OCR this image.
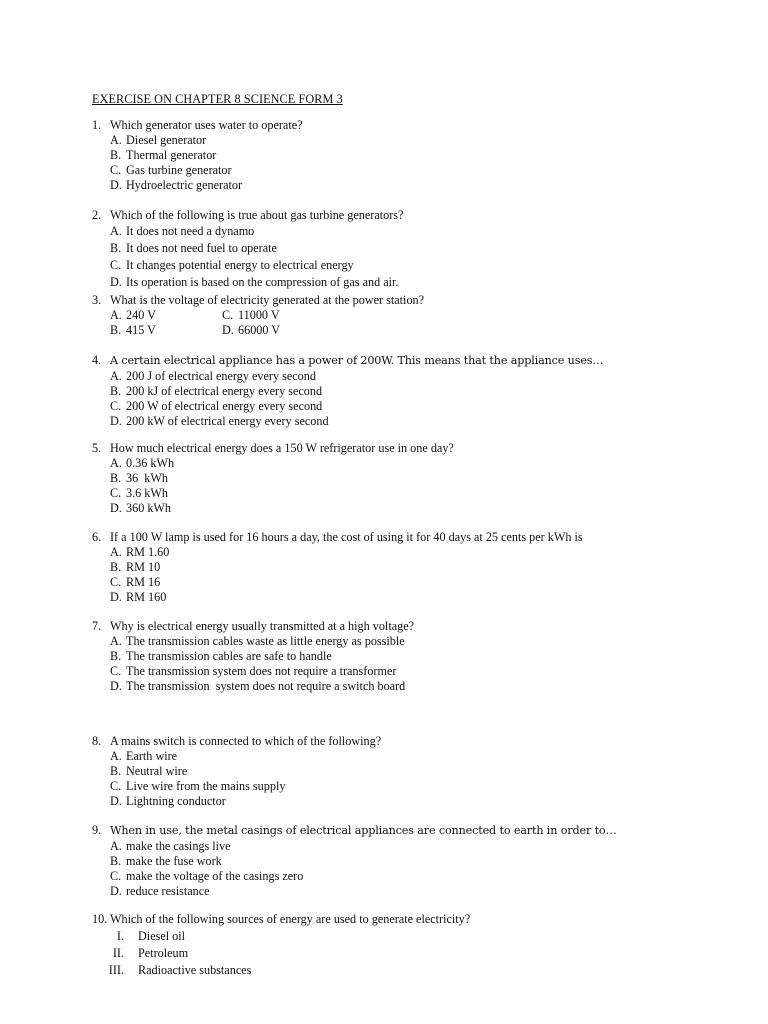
EXERCISE ON CHAPTER 8 SCIENCE FORM 3
1. Which generator uses water to operate?
A. Diesel generator
B. Thermal generator
C. Gas turbine generator
D. Hydroelectric generator
2. Which of the following is true about gas turbine generators?
A. It does not need a dynamo
B. It does not need fuel to operate
C. It changes potential energy to electrical energy
D. Its operation is based on the compression of gas and air.
3. What is the voltage of electricity generated at the power station?
A. 240 V	C. 11000 V
B. 415 V	D. 66000 V
4. A certain electrical appliance has a power of 200W. This means that the appliance uses…
A. 200 J of electrical energy every second
B. 200 kJ of electrical energy every second
C. 200 W of electrical energy every second
D. 200 kW of electrical energy every second
5. How much electrical energy does a 150 W refrigerator use in one day?
A. 0.36 kWh
B. 36  kWh
C. 3.6 kWh
D. 360 kWh
6. If a 100 W lamp is used for 16 hours a day, the cost of using it for 40 days at 25 cents per kWh is
A. RM 1.60
B. RM 10
C. RM 16
D. RM 160
7. Why is electrical energy usually transmitted at a high voltage?
A. The transmission cables waste as little energy as possible
B. The transmission cables are safe to handle
C. The transmission system does not require a transformer
D. The transmission  system does not require a switch board
8. A mains switch is connected to which of the following?
A. Earth wire
B. Neutral wire
C. Live wire from the mains supply
D. Lightning conductor
9. When in use, the metal casings of electrical appliances are connected to earth in order to…
A. make the casings live
B. make the fuse work
C. make the voltage of the casings zero
D. reduce resistance
10. Which of the following sources of energy are used to generate electricity?
I. Diesel oil
II. Petroleum
III. Radioactive substances
